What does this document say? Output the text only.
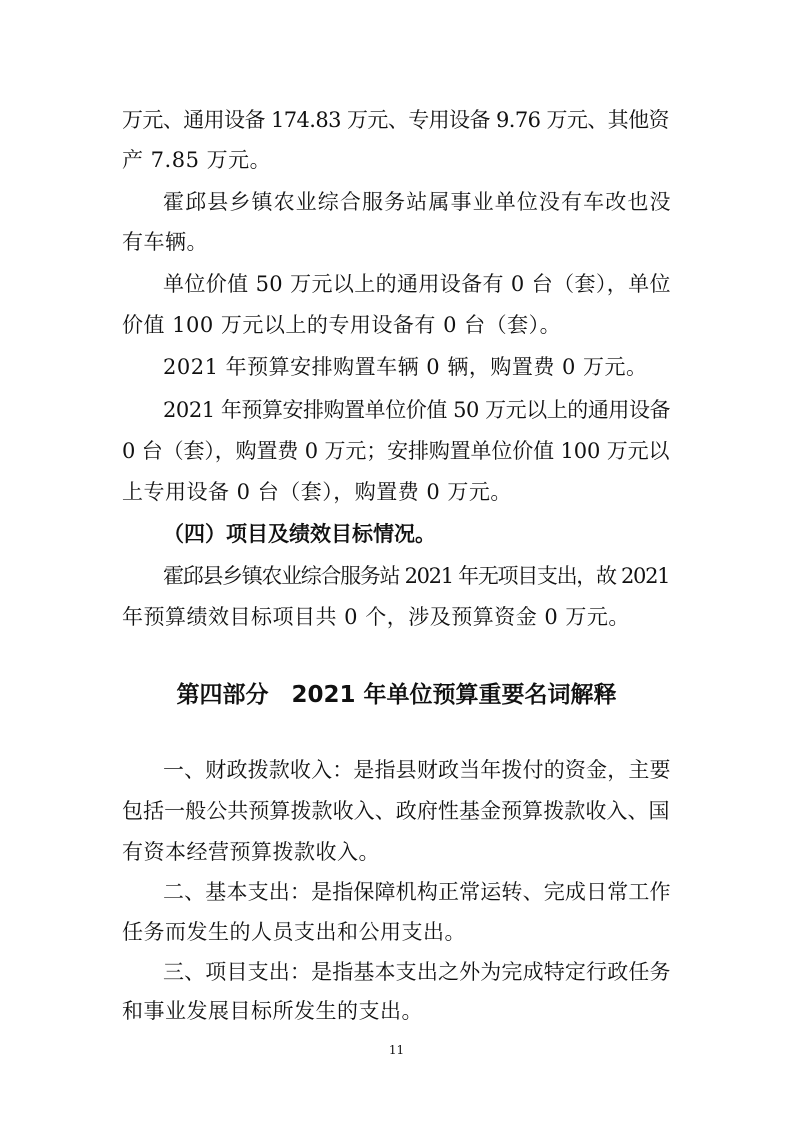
万元、通用设备 174.83 万元、专用设备 9.76 万元、其他资
产 7.85 万元。
霍邱县乡镇农业综合服务站属事业单位没有车改也没
有车辆。
单位价值 50 万元以上的通用设备有 0 台（套），单位
价值 100 万元以上的专用设备有 0 台（套）。
2021 年预算安排购置车辆 0 辆，购置费 0 万元。
2021 年预算安排购置单位价值 50 万元以上的通用设备
0 台（套），购置费 0 万元；安排购置单位价值 100 万元以
上专用设备 0 台（套），购置费 0 万元。
（四）项目及绩效目标情况。
霍邱县乡镇农业综合服务站 2021 年无项目支出，故 2021
年预算绩效目标项目共 0 个，涉及预算资金 0 万元。
第四部分　2021 年单位预算重要名词解释
一、财政拨款收入：是指县财政当年拨付的资金，主要
包括一般公共预算拨款收入、政府性基金预算拨款收入、国
有资本经营预算拨款收入。
二、基本支出：是指保障机构正常运转、完成日常工作
任务而发生的人员支出和公用支出。
三、项目支出：是指基本支出之外为完成特定行政任务
和事业发展目标所发生的支出。
11
